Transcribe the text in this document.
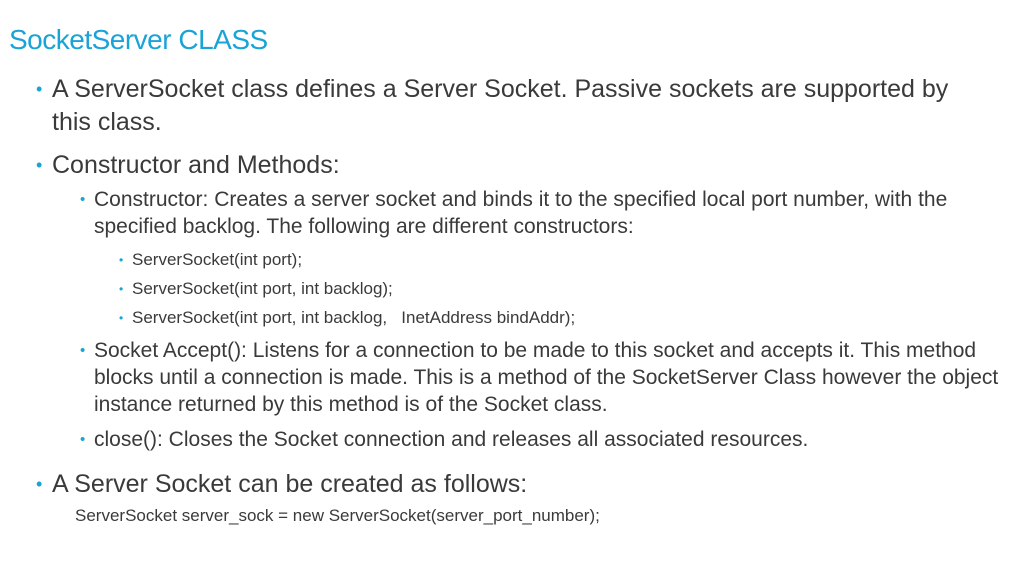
SocketServer CLASS
• A ServerSocket class defines a Server Socket. Passive sockets are supported by this class.
• Constructor and Methods:
• Constructor: Creates a server socket and binds it to the specified local port number, with the specified backlog. The following are different constructors:
• ServerSocket(int port);
• ServerSocket(int port, int backlog);
• ServerSocket(int port, int backlog,   InetAddress bindAddr);
• Socket Accept(): Listens for a connection to be made to this socket and accepts it. This method blocks until a connection is made. This is a method of the SocketServer Class however the object instance returned by this method is of the Socket class.
• close(): Closes the Socket connection and releases all associated resources.
• A Server Socket can be created as follows:
ServerSocket server_sock = new ServerSocket(server_port_number);
